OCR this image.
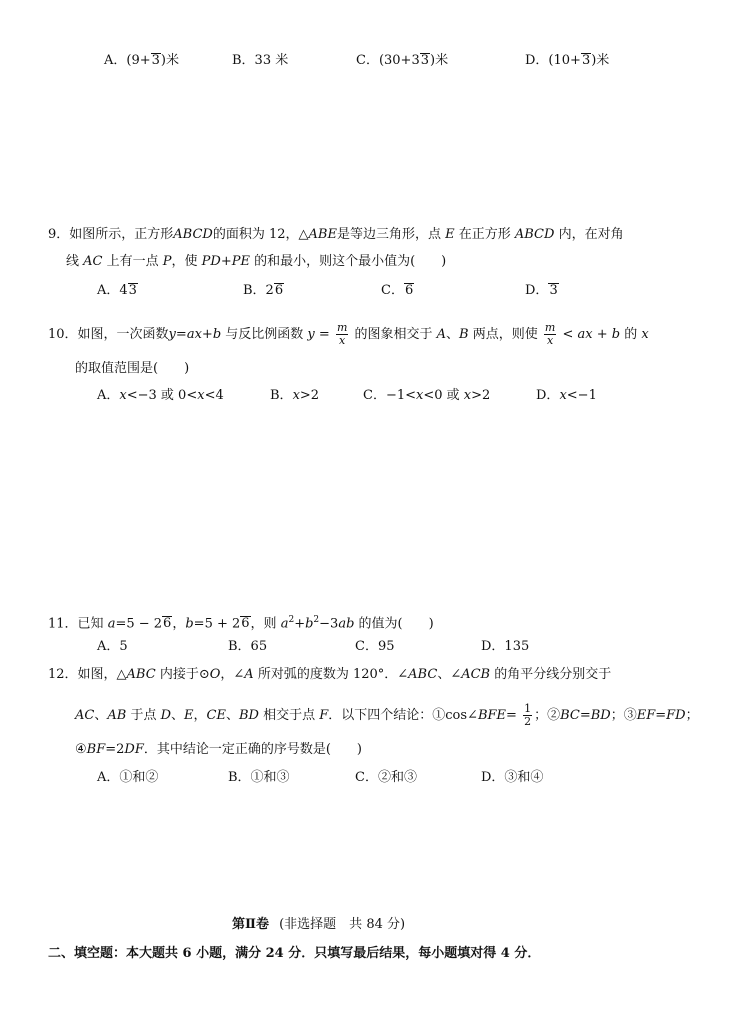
A．(9+3)米	B．33 米	C．(30+33)米	D．(10+3)米
9．如图所示，正方形ABCD的面积为 12，△ABE是等边三角形，点 E 在正方形 ABCD 内，在对角
线 AC 上有一点 P，使 PD+PE 的和最小，则这个最小值为(　　)
A．43	B．26	C．6	D．3
10．如图，一次函数y=ax+b 与反比例函数 $y = \frac{m}{x}$ 的图象相交于 A、B 两点，则使 $\frac{m}{x}$ < ax + b 的 x
的取值范围是(　　)
A．x<−3 或 0<x<4	B．x>2	C．−1<x<0 或 x>2	D．x<−1
11．已知 a=5 − 26，b=5 + 26，则 $a^2+b^2-3ab$ 的值为(　　)
A．5	B．65	C．95	D．135
12．如图，△ABC 内接于⊙O，∠A 所对弧的度数为 120°．∠ABC、∠ACB 的角平分线分别交于
AC、AB 于点 D、E，CE、BD 相交于点 F．以下四个结论：①cos∠BFE= $\frac{1}{2}$ ；②BC=BD；③EF=FD；
④BF=2DF．其中结论一定正确的序号数是(　　)
A．①和②	B．①和③	C．②和③	D．③和④
第Ⅱ卷 (非选择题　共 84 分)
二、填空题：本大题共 6 小题，满分 24 分．只填写最后结果，每小题填对得 4 分．
